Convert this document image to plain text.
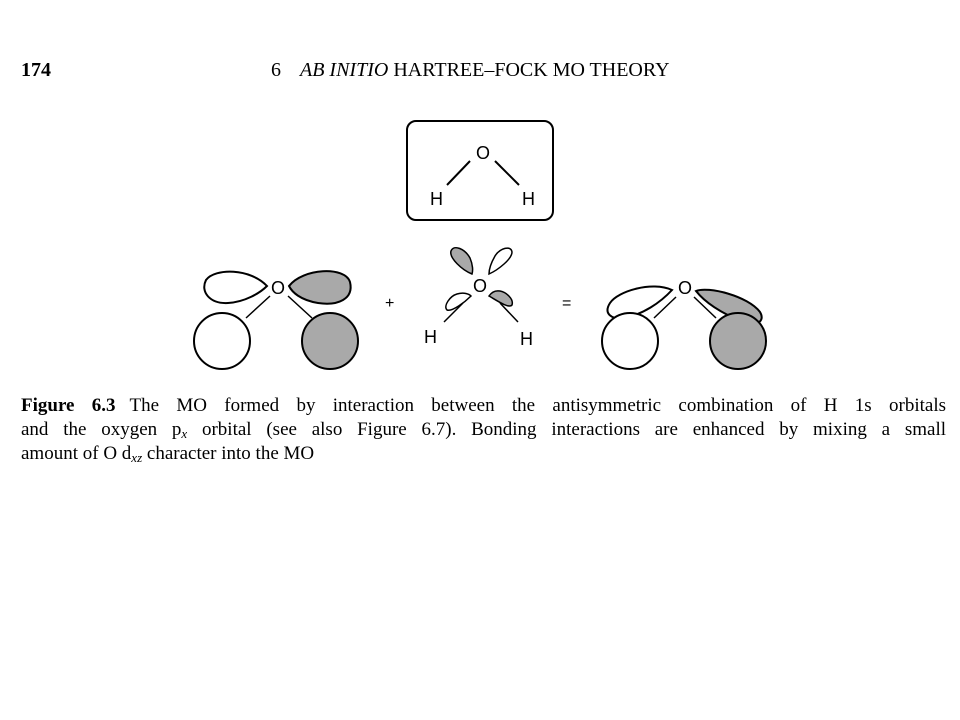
174	6 AB INITIO HARTREE–FOCK MO THEORY
O
H	H
O
+
O
H	H
=
O
Figure 6.3 The MO formed by interaction between the antisymmetric combination of H 1s orbitals
and the oxygen $p_x$ orbital (see also Figure 6.7). Bonding interactions are enhanced by mixing a small
amount of O $d_{xz}$ character into the MO
